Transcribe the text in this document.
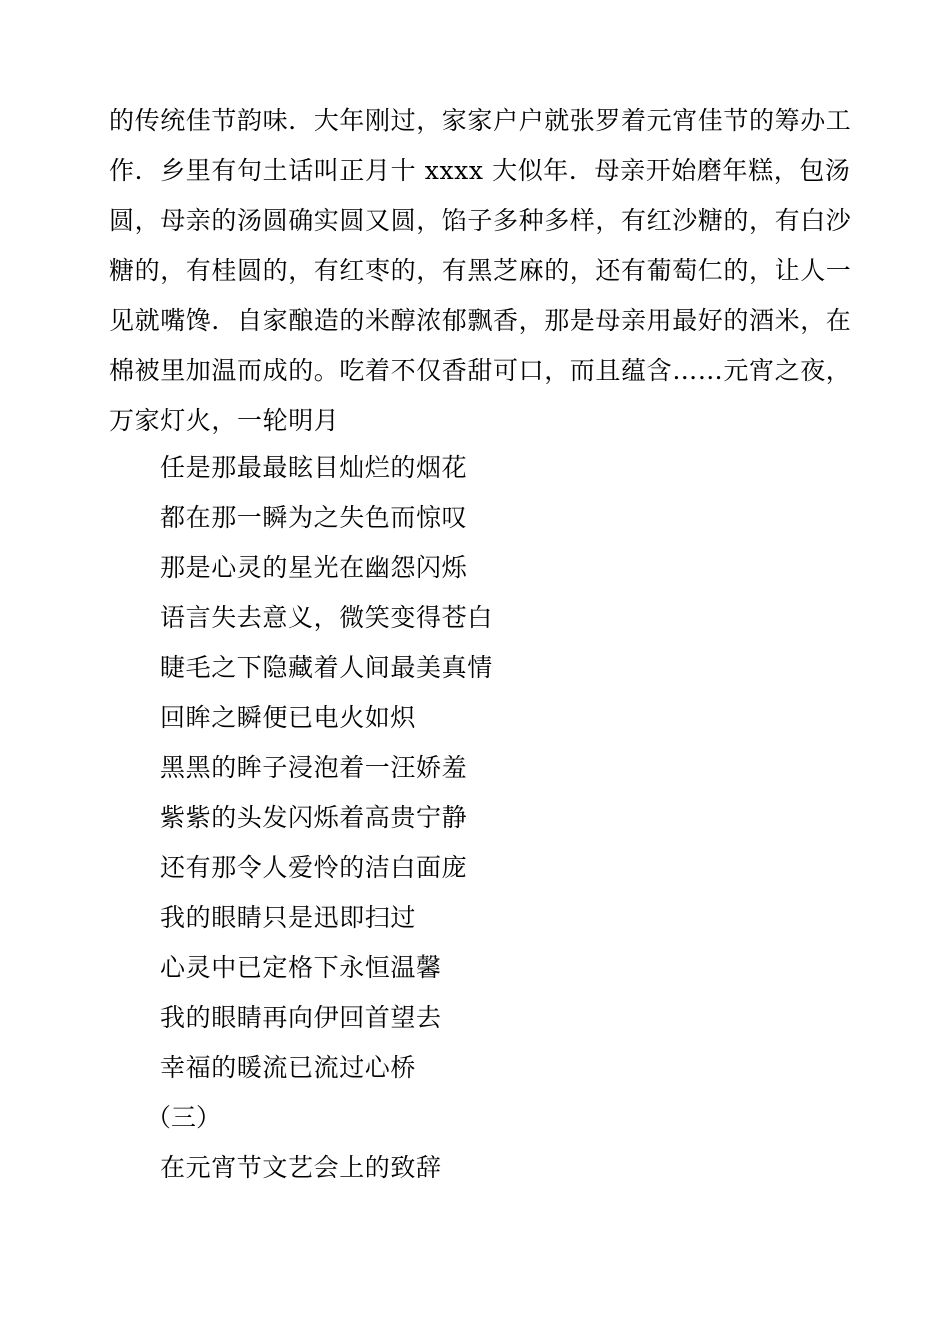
的传统佳节韵味．大年刚过，家家户户就张罗着元宵佳节的筹办工
作．乡里有句土话叫正月十 xxxx 大似年．母亲开始磨年糕，包汤
圆，母亲的汤圆确实圆又圆，馅子多种多样，有红沙糖的，有白沙
糖的，有桂圆的，有红枣的，有黑芝麻的，还有葡萄仁的，让人一
见就嘴馋．自家酿造的米醇浓郁飘香，那是母亲用最好的酒米，在
棉被里加温而成的。吃着不仅香甜可口，而且蕴含……元宵之夜，
万家灯火，一轮明月
任是那最最眩目灿烂的烟花
都在那一瞬为之失色而惊叹
那是心灵的星光在幽怨闪烁
语言失去意义，微笑变得苍白
睫毛之下隐藏着人间最美真情
回眸之瞬便已电火如炽
黑黑的眸子浸泡着一汪娇羞
紫紫的头发闪烁着高贵宁静
还有那令人爱怜的洁白面庞
我的眼睛只是迅即扫过
心灵中已定格下永恒温馨
我的眼睛再向伊回首望去
幸福的暖流已流过心桥

（三）

在元宵节文艺会上的致辞
